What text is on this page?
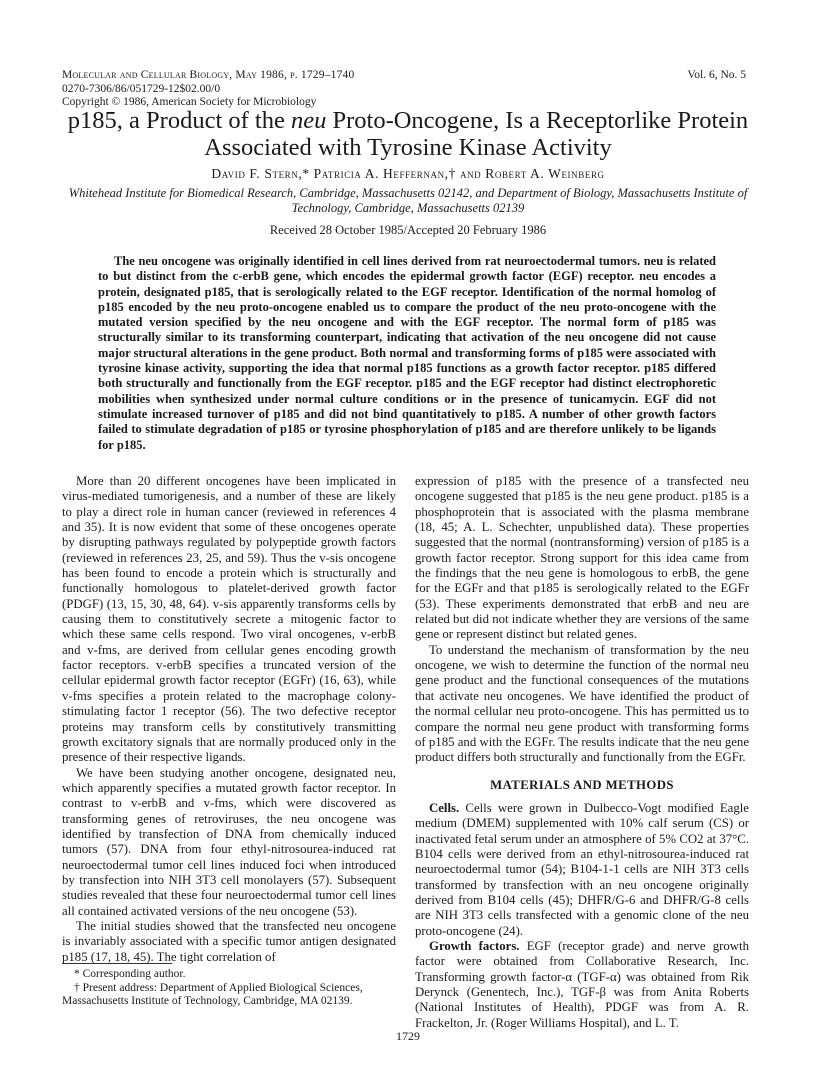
Molecular and Cellular Biology, May 1986, p. 1729–1740	Vol. 6, No. 5
0270-7306/86/051729-12$02.00/0
Copyright © 1986, American Society for Microbiology
p185, a Product of the neu Proto-Oncogene, Is a Receptorlike Protein Associated with Tyrosine Kinase Activity
David F. Stern,* Patricia A. Heffernan,† and Robert A. Weinberg
Whitehead Institute for Biomedical Research, Cambridge, Massachusetts 02142, and Department of Biology, Massachusetts Institute of Technology, Cambridge, Massachusetts 02139
Received 28 October 1985/Accepted 20 February 1986
The neu oncogene was originally identified in cell lines derived from rat neuroectodermal tumors. neu is related to but distinct from the c-erbB gene, which encodes the epidermal growth factor (EGF) receptor. neu encodes a protein, designated p185, that is serologically related to the EGF receptor. Identification of the normal homolog of p185 encoded by the neu proto-oncogene enabled us to compare the product of the neu proto-oncogene with the mutated version specified by the neu oncogene and with the EGF receptor. The normal form of p185 was structurally similar to its transforming counterpart, indicating that activation of the neu oncogene did not cause major structural alterations in the gene product. Both normal and transforming forms of p185 were associated with tyrosine kinase activity, supporting the idea that normal p185 functions as a growth factor receptor. p185 differed both structurally and functionally from the EGF receptor. p185 and the EGF receptor had distinct electrophoretic mobilities when synthesized under normal culture conditions or in the presence of tunicamycin. EGF did not stimulate increased turnover of p185 and did not bind quantitatively to p185. A number of other growth factors failed to stimulate degradation of p185 or tyrosine phosphorylation of p185 and are therefore unlikely to be ligands for p185.

More than 20 different oncogenes have been implicated in virus-mediated tumorigenesis, and a number of these are likely to play a direct role in human cancer (reviewed in references 4 and 35). It is now evident that some of these oncogenes operate by disrupting pathways regulated by polypeptide growth factors (reviewed in references 23, 25, and 59). Thus the v-sis oncogene has been found to encode a protein which is structurally and functionally homologous to platelet-derived growth factor (PDGF) (13, 15, 30, 48, 64). v-sis apparently transforms cells by causing them to constitutively secrete a mitogenic factor to which these same cells respond. Two viral oncogenes, v-erbB and v-fms, are derived from cellular genes encoding growth factor receptors. v-erbB specifies a truncated version of the cellular epidermal growth factor receptor (EGFr) (16, 63), while v-fms specifies a protein related to the macrophage colony-stimulating factor 1 receptor (56). The two defective receptor proteins may transform cells by constitutively transmitting growth excitatory signals that are normally produced only in the presence of their respective ligands.

We have been studying another oncogene, designated neu, which apparently specifies a mutated growth factor receptor. In contrast to v-erbB and v-fms, which were discovered as transforming genes of retroviruses, the neu oncogene was identified by transfection of DNA from chemically induced tumors (57). DNA from four ethyl-nitrosourea-induced rat neuroectodermal tumor cell lines induced foci when introduced by transfection into NIH 3T3 cell monolayers (57). Subsequent studies revealed that these four neuroectodermal tumor cell lines all contained activated versions of the neu oncogene (53).

The initial studies showed that the transfected neu oncogene is invariably associated with a specific tumor antigen designated p185 (17, 18, 45). The tight correlation of

expression of p185 with the presence of a transfected neu oncogene suggested that p185 is the neu gene product. p185 is a phosphoprotein that is associated with the plasma membrane (18, 45; A. L. Schechter, unpublished data). These properties suggested that the normal (nontransforming) version of p185 is a growth factor receptor. Strong support for this idea came from the findings that the neu gene is homologous to erbB, the gene for the EGFr and that p185 is serologically related to the EGFr (53). These experiments demonstrated that erbB and neu are related but did not indicate whether they are versions of the same gene or represent distinct but related genes.

To understand the mechanism of transformation by the neu oncogene, we wish to determine the function of the normal neu gene product and the functional consequences of the mutations that activate neu oncogenes. We have identified the product of the normal cellular neu proto-oncogene. This has permitted us to compare the normal neu gene product with transforming forms of p185 and with the EGFr. The results indicate that the neu gene product differs both structurally and functionally from the EGFr.

MATERIALS AND METHODS

Cells. Cells were grown in Dulbecco-Vogt modified Eagle medium (DMEM) supplemented with 10% calf serum (CS) or inactivated fetal serum under an atmosphere of 5% CO2 at 37°C. B104 cells were derived from an ethyl-nitrosourea-induced rat neuroectodermal tumor (54); B104-1-1 cells are NIH 3T3 cells transformed by transfection with an neu oncogene originally derived from B104 cells (45); DHFR/G-6 and DHFR/G-8 cells are NIH 3T3 cells transfected with a genomic clone of the neu proto-oncogene (24).

Growth factors. EGF (receptor grade) and nerve growth factor were obtained from Collaborative Research, Inc. Transforming growth factor-α (TGF-α) was obtained from Rik Derynck (Genentech, Inc.), TGF-β was from Anita Roberts (National Institutes of Health), PDGF was from A. R. Frackelton, Jr. (Roger Williams Hospital), and L. T.

* Corresponding author.

† Present address: Department of Applied Biological Sciences, Massachusetts Institute of Technology, Cambridge, MA 02139.

1729
